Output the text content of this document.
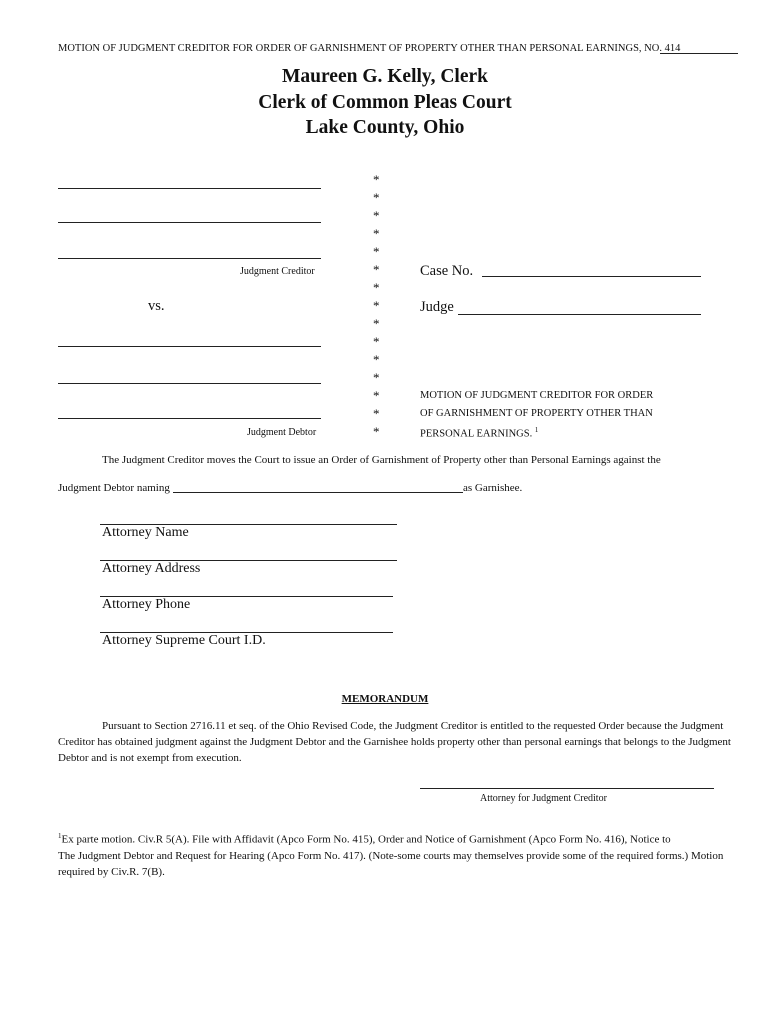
MOTION OF JUDGMENT CREDITOR FOR ORDER OF GARNISHMENT OF PROPERTY OTHER THAN PERSONAL EARNINGS, NO. 414
Maureen G. Kelly, Clerk
Clerk of Common Pleas Court
Lake County, Ohio
Judgment Creditor
vs.
Judgment Debtor
*
*
*
*
*
*
*
*
*
*
*
*
*
*
*
Case No.
Judge
MOTION OF JUDGMENT CREDITOR FOR ORDER
OF GARNISHMENT OF PROPERTY OTHER THAN
PERSONAL EARNINGS. $^1$
The Judgment Creditor moves the Court to issue an Order of Garnishment of Property other than Personal Earnings against the
Judgment Debtor naming	as Garnishee.
Attorney Name
Attorney Address
Attorney Phone
Attorney Supreme Court I.D.
MEMORANDUM
Pursuant to Section 2716.11 et seq. of the Ohio Revised Code, the Judgment Creditor is entitled to the requested Order because the Judgment Creditor has obtained judgment against the Judgment Debtor and the Garnishee holds property other than personal earnings that belongs to the Judgment Debtor and is not exempt from execution.
Attorney for Judgment Creditor
$^1$Ex parte motion. Civ.R 5(A). File with Affidavit (Apco Form No. 415), Order and Notice of Garnishment (Apco Form No. 416), Notice to
The Judgment Debtor and Request for Hearing (Apco Form No. 417). (Note-some courts may themselves provide some of the required forms.) Motion
required by Civ.R. 7(B).
